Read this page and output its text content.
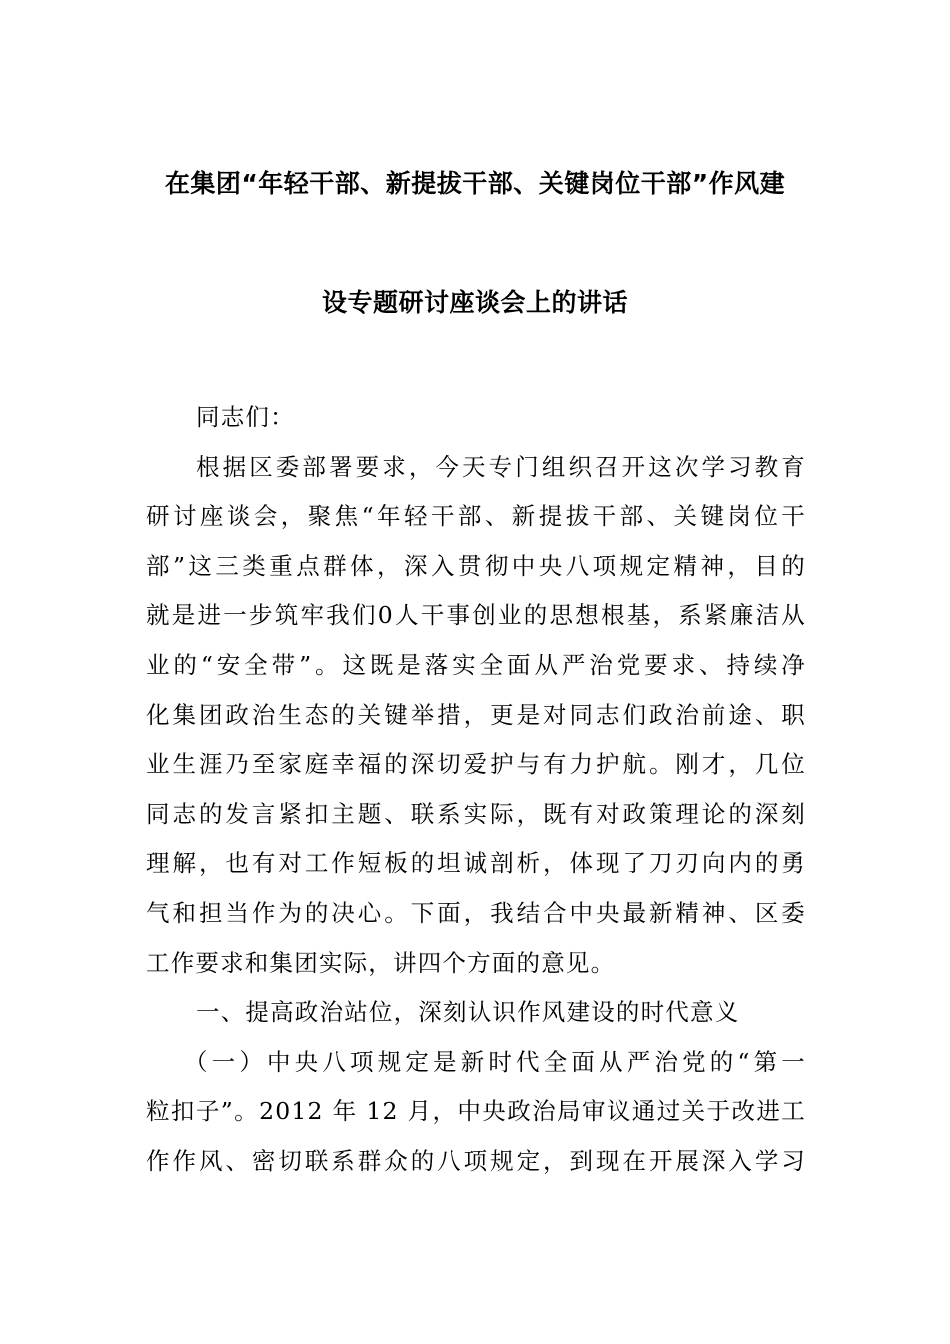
在集团“年轻干部、新提拔干部、关键岗位干部”作风建
设专题研讨座谈会上的讲话
同志们：
根据区委部署要求，今天专门组织召开这次学习教育
研讨座谈会，聚焦“年轻干部、新提拔干部、关键岗位干
部”这三类重点群体，深入贯彻中央八项规定精神，目的
就是进一步筑牢我们0人干事创业的思想根基，系紧廉洁从
业的“安全带”。这既是落实全面从严治党要求、持续净
化集团政治生态的关键举措，更是对同志们政治前途、职
业生涯乃至家庭幸福的深切爱护与有力护航。刚才，几位
同志的发言紧扣主题、联系实际，既有对政策理论的深刻
理解，也有对工作短板的坦诚剖析，体现了刀刃向内的勇
气和担当作为的决心。下面，我结合中央最新精神、区委
工作要求和集团实际，讲四个方面的意见。
一、提高政治站位，深刻认识作风建设的时代意义
（一）中央八项规定是新时代全面从严治党的“第一
粒扣子”。2012 年 12 月，中央政治局审议通过关于改进工
作作风、密切联系群众的八项规定，到现在开展深入学习
